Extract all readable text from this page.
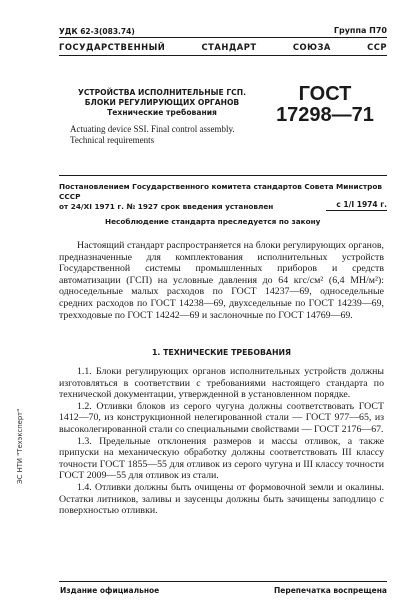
УДК 62-3(083.74)	Группа П70
ГОСУДАРСТВЕННЫЙ	СТАНДАРТ	СОЮЗА	ССР
УСТРОЙСТВА ИСПОЛНИТЕЛЬНЫЕ ГСП.
БЛОКИ РЕГУЛИРУЮЩИХ ОРГАНОВ
Технические требования
Actuating device SSI. Final control assembly.
Technical requirements
ГОСТ
17298—71
Постановлением Государственного комитета стандартов Совета Министров СССР
от 24/XI 1971 г. № 1927 срок введения установлен	с 1/I 1974 г.
Несоблюдение стандарта преследуется по закону

Настоящий стандарт распространяется на блоки регулирующих органов, предназначенные для комплектования исполнительных устройств Государственной системы промышленных приборов и средств автоматизации (ГСП) на условные давления до 64 кгс/см² (6,4 МН/м²): односедельные малых расходов по ГОСТ 14237—69, односедельные средних расходов по ГОСТ 14238—69, двухседельные по ГОСТ 14239—69, трехходовые по ГОСТ 14242—69 и заслоночные по ГОСТ 14769—69.

1. ТЕХНИЧЕСКИЕ ТРЕБОВАНИЯ

1.1. Блоки регулирующих органов исполнительных устройств должны изготовляться в соответствии с требованиями настоящего стандарта по технической документации, утвержденной в установленном порядке.

1.2. Отливки блоков из серого чугуна должны соответствовать ГОСТ 1412—70, из конструкционной нелегированной стали — ГОСТ 977—65, из высоколегированной стали со специальными свойствами — ГОСТ 2176—67.

1.3. Предельные отклонения размеров и массы отливок, а также припуски на механическую обработку должны соответствовать III классу точности ГОСТ 1855—55 для отливок из серого чугуна и III классу точности ГОСТ 2009—55 для отливок из стали.

1.4. Отливки должны быть очищены от формовочной земли и окалины. Остатки литников, заливы и заусенцы должны быть зачищены заподлицо с поверхностью отливки.

Издание официальное	Перепечатка воспрещена
ЭС НТИ "Техэксперт"
